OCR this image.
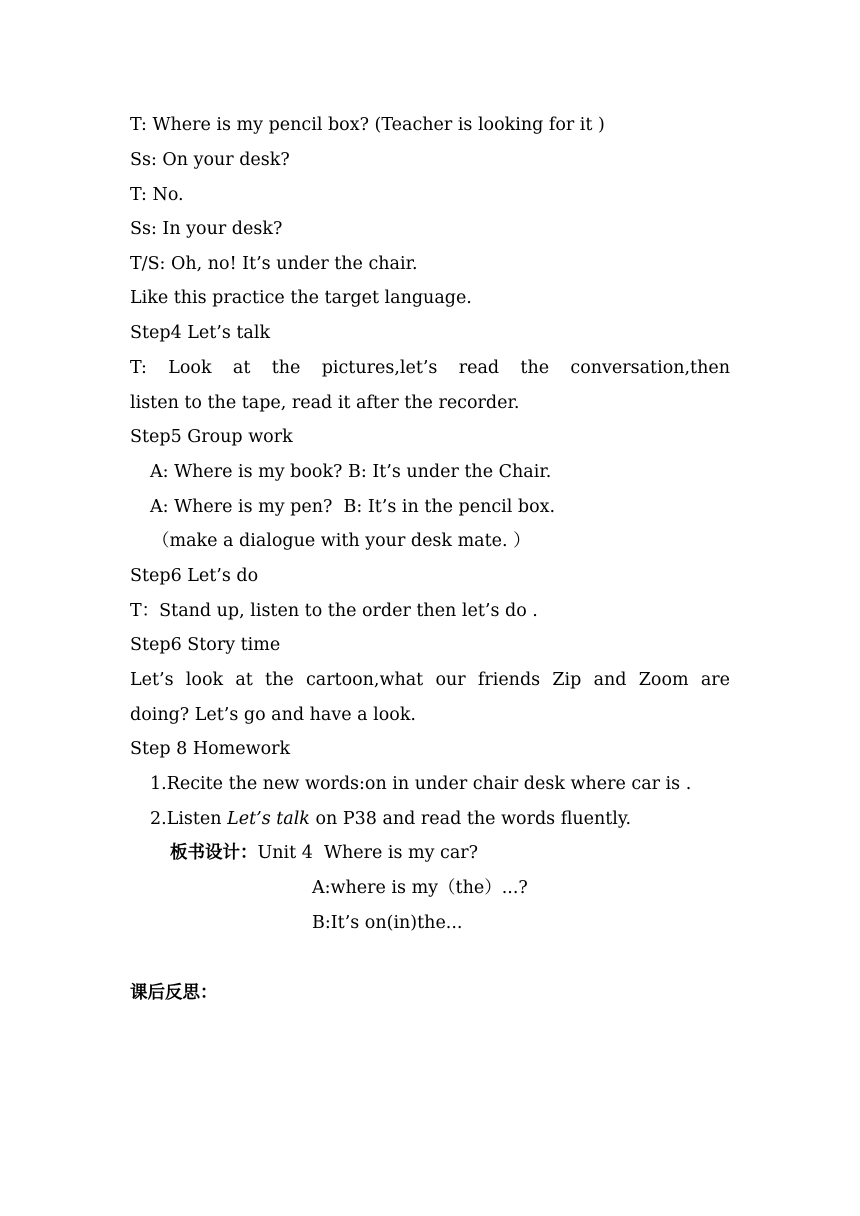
T: Where is my pencil box? (Teacher is looking for it )
Ss: On your desk?
T: No.
Ss: In your desk?
T/S: Oh, no! It’s under the chair.
Like this practice the target language.
Step4 Let’s talk
T: Look at the pictures,let’s read the conversation,then
listen to the tape, read it after the recorder.
Step5 Group work
A: Where is my book? B: It’s under the Chair.
A: Where is my pen?  B: It’s in the pencil box.
（make a dialogue with your desk mate. ）
Step6 Let’s do
T：Stand up, listen to the order then let’s do .
Step6 Story time
Let’s look at the cartoon,what our friends Zip and Zoom are
doing? Let’s go and have a look.
Step 8 Homework
1.Recite the new words:on in under chair desk where car is .
2.Listen Let’s talk on P38 and read the words fluently.
板书设计：Unit 4  Where is my car?
A:where is my（the）...?
B:It’s on(in)the...
课后反思：
